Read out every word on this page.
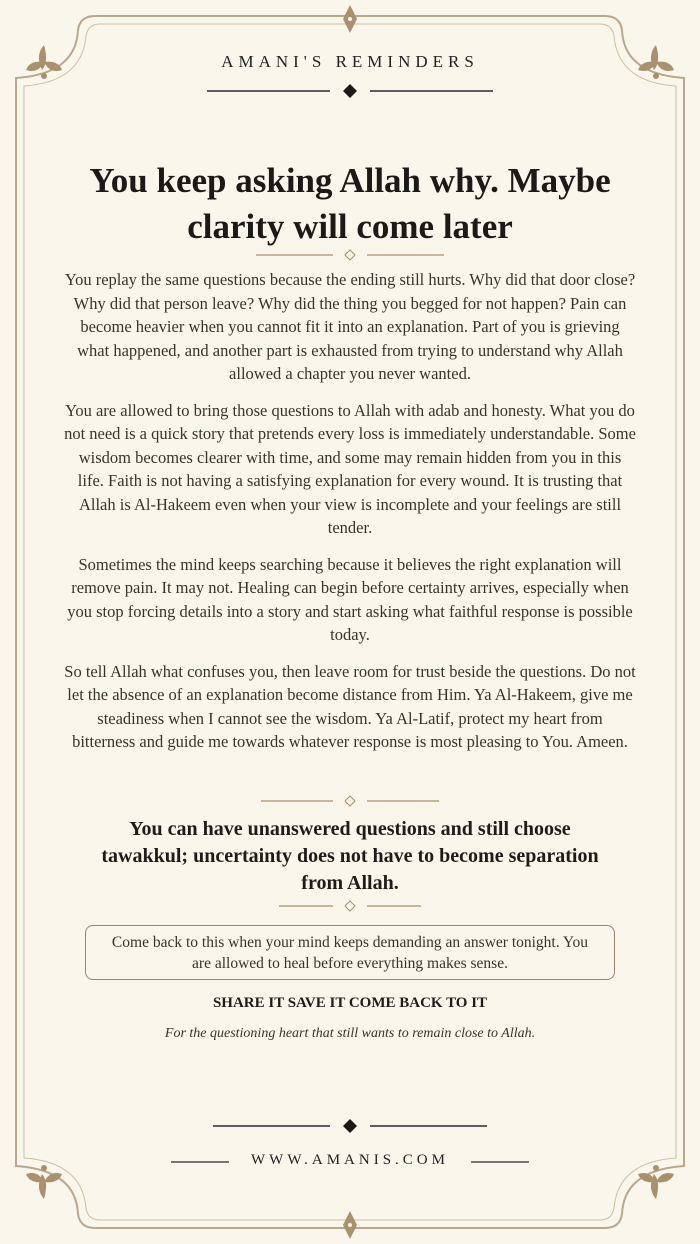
AMANI'S REMINDERS
You keep asking Allah why. Maybe clarity will come later

You replay the same questions because the ending still hurts. Why did that door close? Why did that person leave? Why did the thing you begged for not happen? Pain can become heavier when you cannot fit it into an explanation. Part of you is grieving what happened, and another part is exhausted from trying to understand why Allah allowed a chapter you never wanted.

You are allowed to bring those questions to Allah with adab and honesty. What you do not need is a quick story that pretends every loss is immediately understandable. Some wisdom becomes clearer with time, and some may remain hidden from you in this life. Faith is not having a satisfying explanation for every wound. It is trusting that Allah is Al-Hakeem even when your view is incomplete and your feelings are still tender.

Sometimes the mind keeps searching because it believes the right explanation will remove pain. It may not. Healing can begin before certainty arrives, especially when you stop forcing details into a story and start asking what faithful response is possible today.

So tell Allah what confuses you, then leave room for trust beside the questions. Do not let the absence of an explanation become distance from Him. Ya Al-Hakeem, give me steadiness when I cannot see the wisdom. Ya Al-Latif, protect my heart from bitterness and guide me towards whatever response is most pleasing to You. Ameen.

You can have unanswered questions and still choose tawakkul; uncertainty does not have to become separation from Allah.
Come back to this when your mind keeps demanding an answer tonight. You are allowed to heal before everything makes sense.
SHARE IT SAVE IT COME BACK TO IT
For the questioning heart that still wants to remain close to Allah.
WWW.AMANIS.COM
